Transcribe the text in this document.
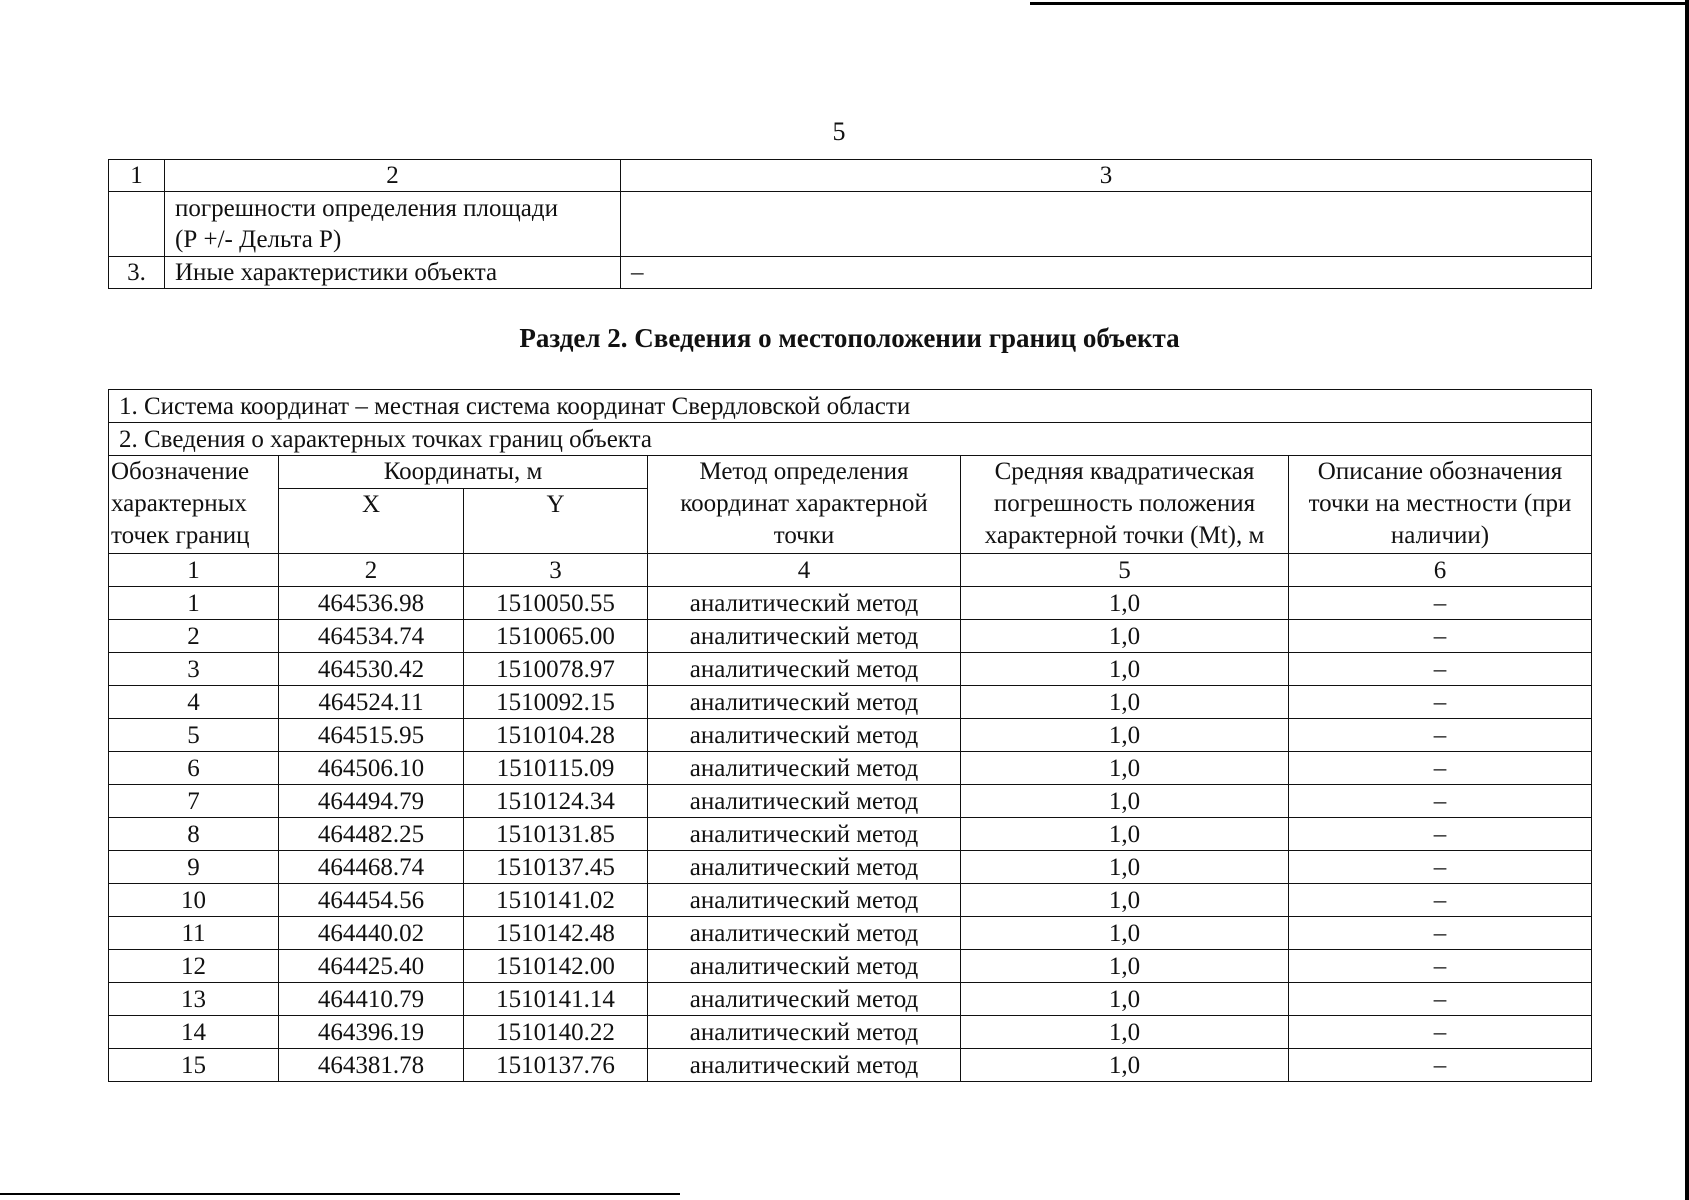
5
1	2	3
	погрешности определения площади
(Р +/- Дельта Р)	
3.	Иные характеристики объекта	–
Раздел 2. Сведения о местоположении границ объекта
1. Система координат – местная система координат Свердловской области					
2. Сведения о характерных точках границ объекта					
Обозначение характерных точек границ	Координаты, м		Метод определения координат характерной точки	Средняя квадратическая погрешность положения характерной точки (Mt), м	Описание обозначения точки на местности (при наличии)
	X	Y			
1	2	3	4	5	6
1	464536.98	1510050.55	аналитический метод	1,0	–
2	464534.74	1510065.00	аналитический метод	1,0	–
3	464530.42	1510078.97	аналитический метод	1,0	–
4	464524.11	1510092.15	аналитический метод	1,0	–
5	464515.95	1510104.28	аналитический метод	1,0	–
6	464506.10	1510115.09	аналитический метод	1,0	–
7	464494.79	1510124.34	аналитический метод	1,0	–
8	464482.25	1510131.85	аналитический метод	1,0	–
9	464468.74	1510137.45	аналитический метод	1,0	–
10	464454.56	1510141.02	аналитический метод	1,0	–
11	464440.02	1510142.48	аналитический метод	1,0	–
12	464425.40	1510142.00	аналитический метод	1,0	–
13	464410.79	1510141.14	аналитический метод	1,0	–
14	464396.19	1510140.22	аналитический метод	1,0	–
15	464381.78	1510137.76	аналитический метод	1,0	–
